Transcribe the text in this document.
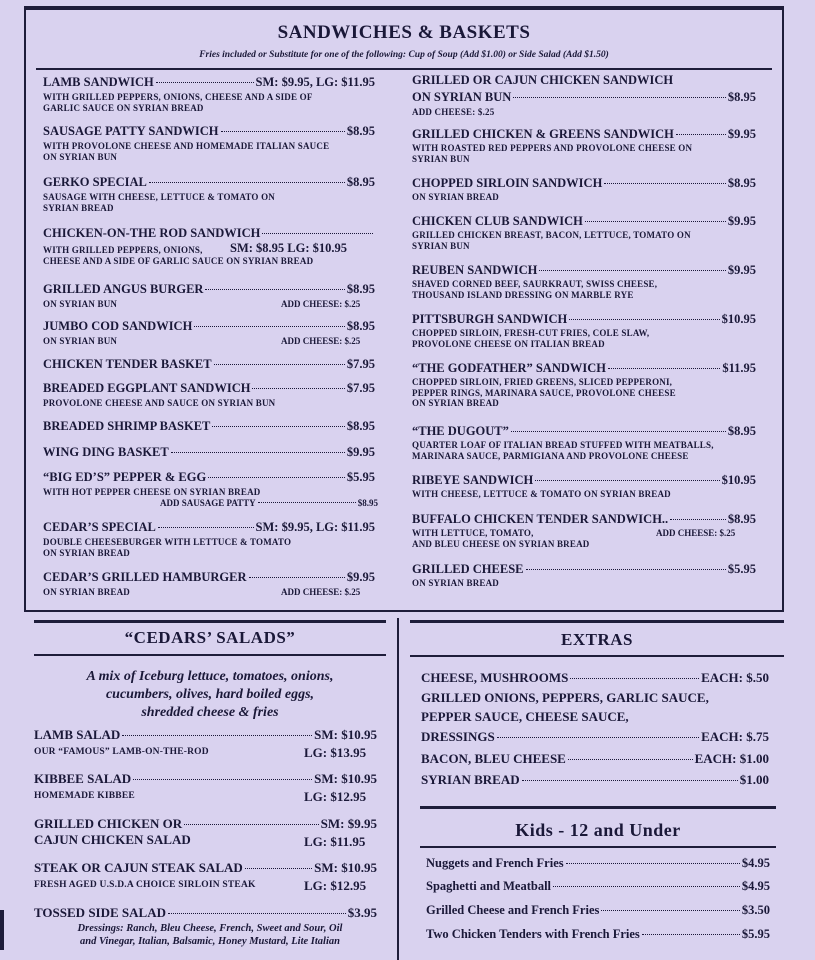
SANDWICHES & BASKETS
Fries included or Substitute for one of the following: Cup of Soup (Add $1.00) or Side Salad (Add $1.50)
LAMB SANDWICH	SM: $9.95, LG: $11.95
WITH GRILLED PEPPERS, ONIONS, CHEESE AND A SIDE OF
GARLIC SAUCE ON SYRIAN BREAD
SAUSAGE PATTY SANDWICH	$8.95
WITH PROVOLONE CHEESE AND HOMEMADE ITALIAN SAUCE
ON SYRIAN BUN
GERKO SPECIAL	$8.95
SAUSAGE WITH CHEESE, LETTUCE & TOMATO ON
SYRIAN BREAD
CHICKEN-ON-THE ROD SANDWICH
WITH GRILLED PEPPERS, ONIONS, SM: $8.95 LG: $10.95
CHEESE AND A SIDE OF GARLIC SAUCE ON SYRIAN BREAD
GRILLED ANGUS BURGER	$8.95
ON SYRIAN BUN	ADD CHEESE: $.25
JUMBO COD SANDWICH	$8.95
ON SYRIAN BUN	ADD CHEESE: $.25
CHICKEN TENDER BASKET	$7.95
BREADED EGGPLANT SANDWICH	$7.95
PROVOLONE CHEESE AND SAUCE ON SYRIAN BUN
BREADED SHRIMP BASKET	$8.95
WING DING BASKET	$9.95
“BIG ED’S” PEPPER & EGG	$5.95
WITH HOT PEPPER CHEESE ON SYRIAN BREAD
ADD SAUSAGE PATTY	$8.95
CEDAR’S SPECIAL	SM: $9.95, LG: $11.95
DOUBLE CHEESEBURGER WITH LETTUCE & TOMATO
ON SYRIAN BREAD
CEDAR’S GRILLED HAMBURGER	$9.95
ON SYRIAN BREAD	ADD CHEESE: $.25
GRILLED OR CAJUN CHICKEN SANDWICH
ON SYRIAN BUN	$8.95
ADD CHEESE: $.25
GRILLED CHICKEN & GREENS SANDWICH	$9.95
WITH ROASTED RED PEPPERS AND PROVOLONE CHEESE ON
SYRIAN BUN
CHOPPED SIRLOIN SANDWICH	$8.95
ON SYRIAN BREAD
CHICKEN CLUB SANDWICH	$9.95
GRILLED CHICKEN BREAST, BACON, LETTUCE, TOMATO ON
SYRIAN BUN
REUBEN SANDWICH	$9.95
SHAVED CORNED BEEF, SAURKRAUT, SWISS CHEESE,
THOUSAND ISLAND DRESSING ON MARBLE RYE
PITTSBURGH SANDWICH	$10.95
CHOPPED SIRLOIN, FRESH-CUT FRIES, COLE SLAW,
PROVOLONE CHEESE ON ITALIAN BREAD
“THE GODFATHER” SANDWICH	$11.95
CHOPPED SIRLOIN, FRIED GREENS, SLICED PEPPERONI,
PEPPER RINGS, MARINARA SAUCE, PROVOLONE CHEESE
ON SYRIAN BREAD
“THE DUGOUT”	$8.95
QUARTER LOAF OF ITALIAN BREAD STUFFED WITH MEATBALLS,
MARINARA SAUCE, PARMIGIANA AND PROVOLONE CHEESE
RIBEYE SANDWICH	$10.95
WITH CHEESE, LETTUCE & TOMATO ON SYRIAN BREAD
BUFFALO CHICKEN TENDER SANDWICH..	$8.95
WITH LETTUCE, TOMATO,
AND BLEU CHEESE ON SYRIAN BREAD
ADD CHEESE: $.25
GRILLED CHEESE	$5.95
ON SYRIAN BREAD
“CEDARS’ SALADS”
A mix of Iceburg lettuce, tomatoes, onions,
cucumbers, olives, hard boiled eggs,
shredded cheese & fries
LAMB SALAD	SM: $10.95
OUR “FAMOUS” LAMB-ON-THE-ROD	LG: $13.95
KIBBEE SALAD	SM: $10.95
HOMEMADE KIBBEE	LG: $12.95
GRILLED CHICKEN OR	SM: $9.95
CAJUN CHICKEN SALAD	LG: $11.95
STEAK OR CAJUN STEAK SALAD	SM: $10.95
FRESH AGED U.S.D.A CHOICE SIRLOIN STEAK	LG: $12.95
TOSSED SIDE SALAD	$3.95
Dressings: Ranch, Bleu Cheese, French, Sweet and Sour, Oil
and Vinegar, Italian, Balsamic, Honey Mustard, Lite Italian
EXTRAS
CHEESE, MUSHROOMS	EACH: $.50
GRILLED ONIONS, PEPPERS, GARLIC SAUCE,
PEPPER SAUCE, CHEESE SAUCE,
DRESSINGS	EACH: $.75
BACON, BLEU CHEESE	EACH: $1.00
SYRIAN BREAD	$1.00
Kids - 12 and Under
Nuggets and French Fries	$4.95
Spaghetti and Meatball	$4.95
Grilled Cheese and French Fries	$3.50
Two Chicken Tenders with French Fries	$5.95
